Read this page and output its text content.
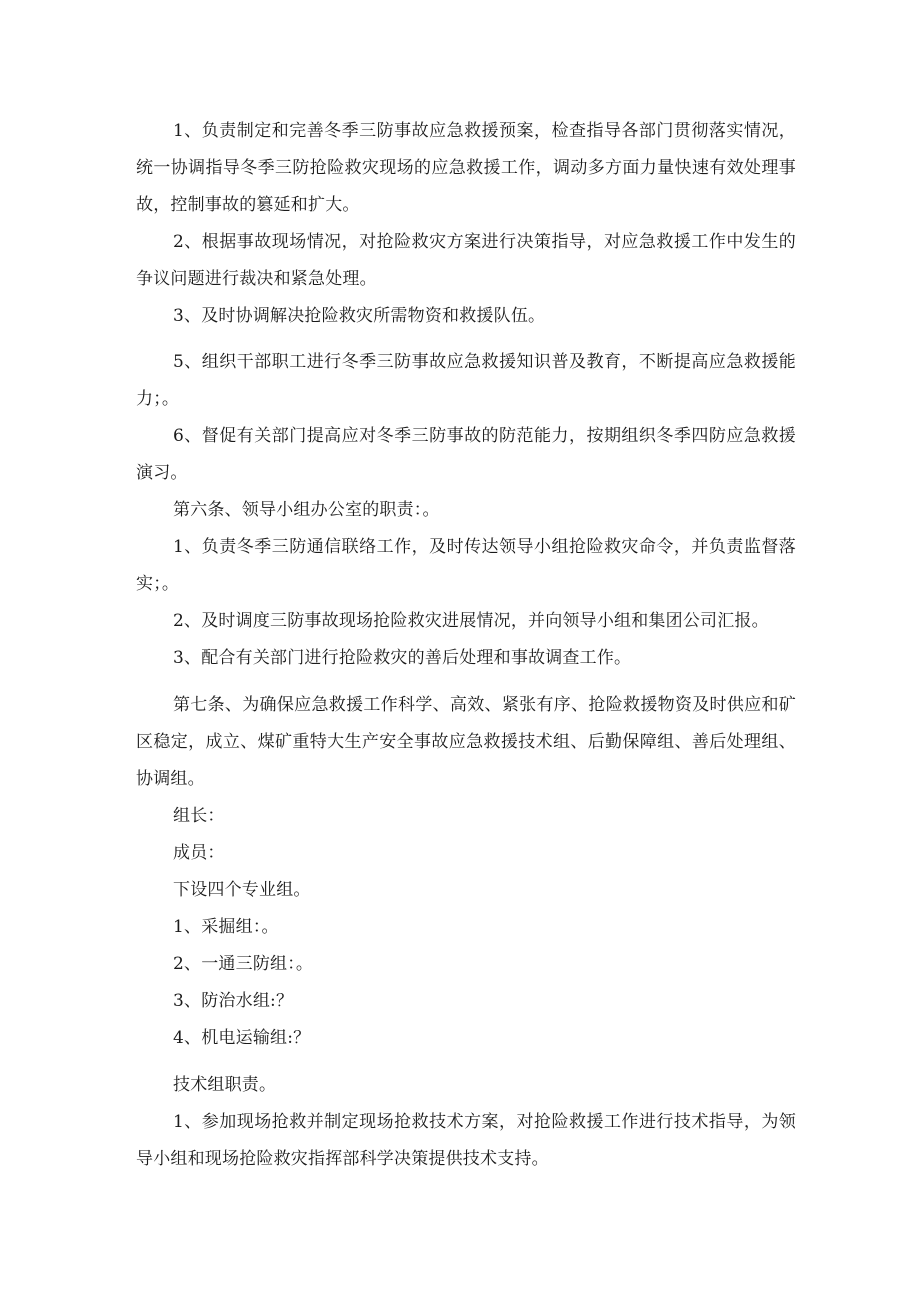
1、负责制定和完善冬季三防事故应急救援预案，检查指导各部门贯彻落实情况，统一协调指导冬季三防抢险救灾现场的应急救援工作，调动多方面力量快速有效处理事故，控制事故的篡延和扩大。

2、根据事故现场情况，对抢险救灾方案进行决策指导，对应急救援工作中发生的争议问题进行裁决和紧急处理。

3、及时协调解决抢险救灾所需物资和救援队伍。

5、组织干部职工进行冬季三防事故应急救援知识普及教育，不断提高应急救援能力；。

6、督促有关部门提高应对冬季三防事故的防范能力，按期组织冬季四防应急救援演习。

第六条、领导小组办公室的职责：。

1、负责冬季三防通信联络工作，及时传达领导小组抢险救灾命令，并负责监督落实；。

2、及时调度三防事故现场抢险救灾进展情况，并向领导小组和集团公司汇报。

3、配合有关部门进行抢险救灾的善后处理和事故调查工作。

第七条、为确保应急救援工作科学、高效、紧张有序、抢险救援物资及时供应和矿区稳定，成立、煤矿重特大生产安全事故应急救援技术组、后勤保障组、善后处理组、协调组。

组长：

成员：

下设四个专业组。

1、采掘组：。

2、一通三防组：。

3、防治水组:？

4、机电运输组:？

技术组职责。

1、参加现场抢救并制定现场抢救技术方案，对抢险救援工作进行技术指导，为领导小组和现场抢险救灾指挥部科学决策提供技术支持。
